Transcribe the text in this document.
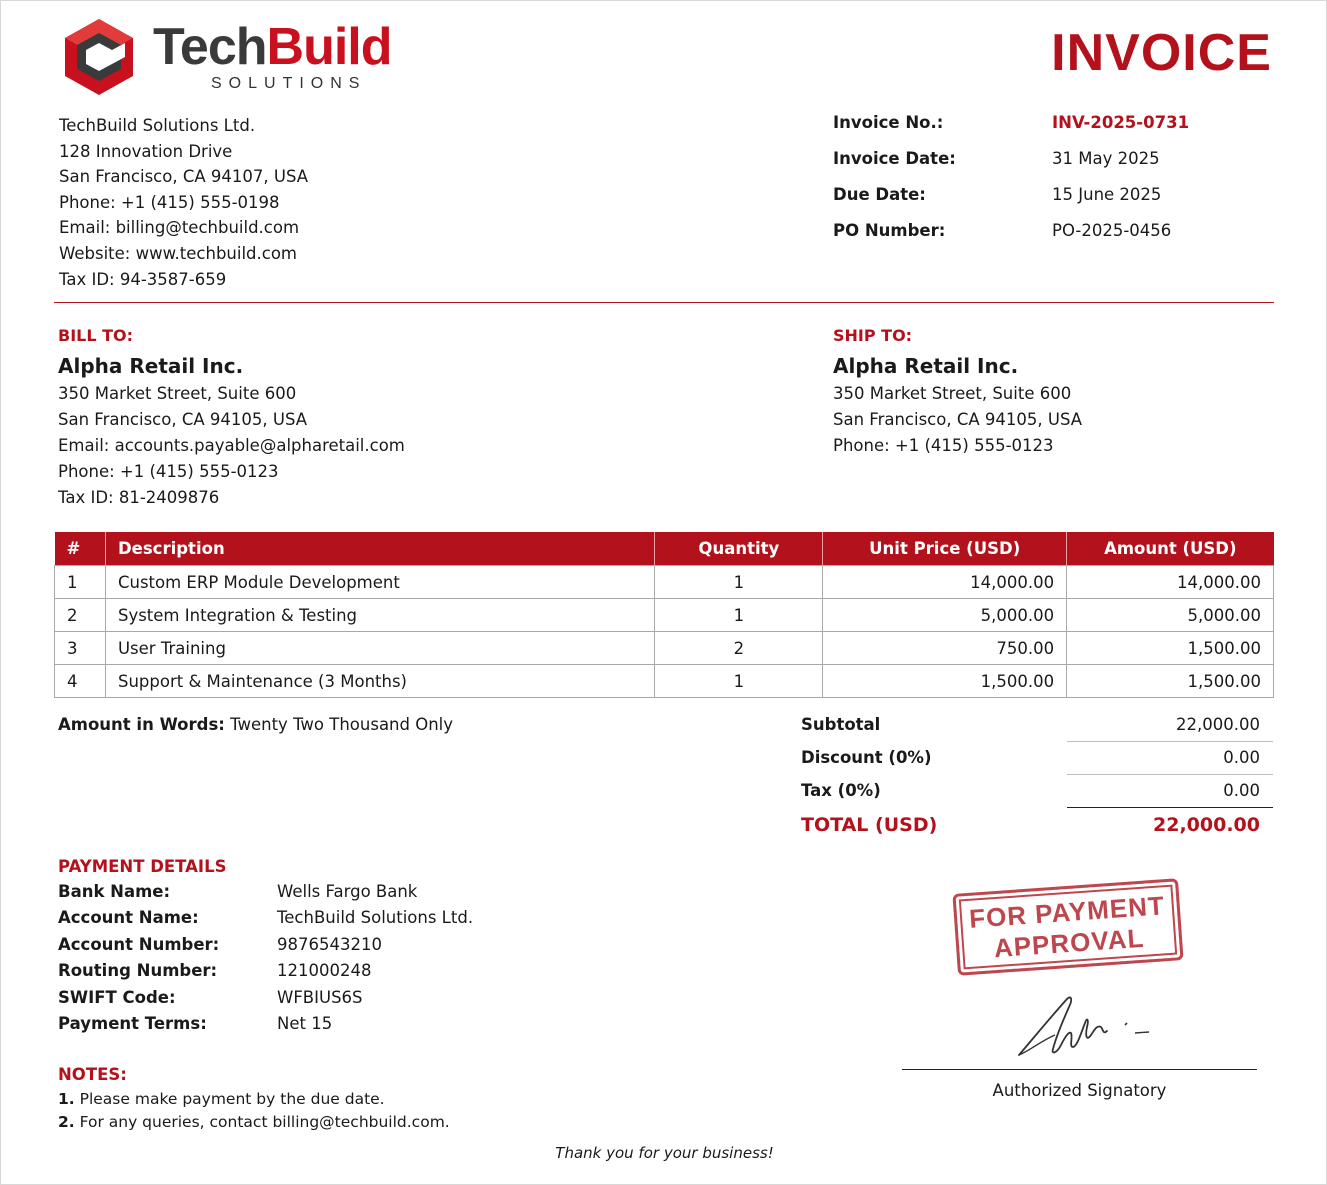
TechBuild
SOLUTIONS
INVOICE
TechBuild Solutions Ltd.
128 Innovation Drive
San Francisco, CA 94107, USA
Phone: +1 (415) 555-0198
Email: billing@techbuild.com
Website: www.techbuild.com
Tax ID: 94-3587-659
Invoice No.:	INV-2025-0731
Invoice Date:	31 May 2025
Due Date:	15 June 2025
PO Number:	PO-2025-0456
BILL TO:
Alpha Retail Inc.
350 Market Street, Suite 600
San Francisco, CA 94105, USA
Email: accounts.payable@alpharetail.com
Phone: +1 (415) 555-0123
Tax ID: 81-2409876
SHIP TO:
Alpha Retail Inc.
350 Market Street, Suite 600
San Francisco, CA 94105, USA
Phone: +1 (415) 555-0123
#	Description	Quantity	Unit Price (USD)	Amount (USD)
1	Custom ERP Module Development	1	14,000.00	14,000.00
2	System Integration & Testing	1	5,000.00	5,000.00
3	User Training	2	750.00	1,500.00
4	Support & Maintenance (3 Months)	1	1,500.00	1,500.00
Amount in Words: Twenty Two Thousand Only	Subtotal	22,000.00
Discount (0%)	0.00
Tax (0%)	0.00
TOTAL (USD)	22,000.00
PAYMENT DETAILS
Bank Name:	Wells Fargo Bank
Account Name:	TechBuild Solutions Ltd.
Account Number:	9876543210
Routing Number:	121000248
SWIFT Code:	WFBIUS6S
Payment Terms:	Net 15
NOTES:
1. Please make payment by the due date.
2. For any queries, contact billing@techbuild.com.
FOR PAYMENT
APPROVAL
Authorized Signatory
Thank you for your business!
